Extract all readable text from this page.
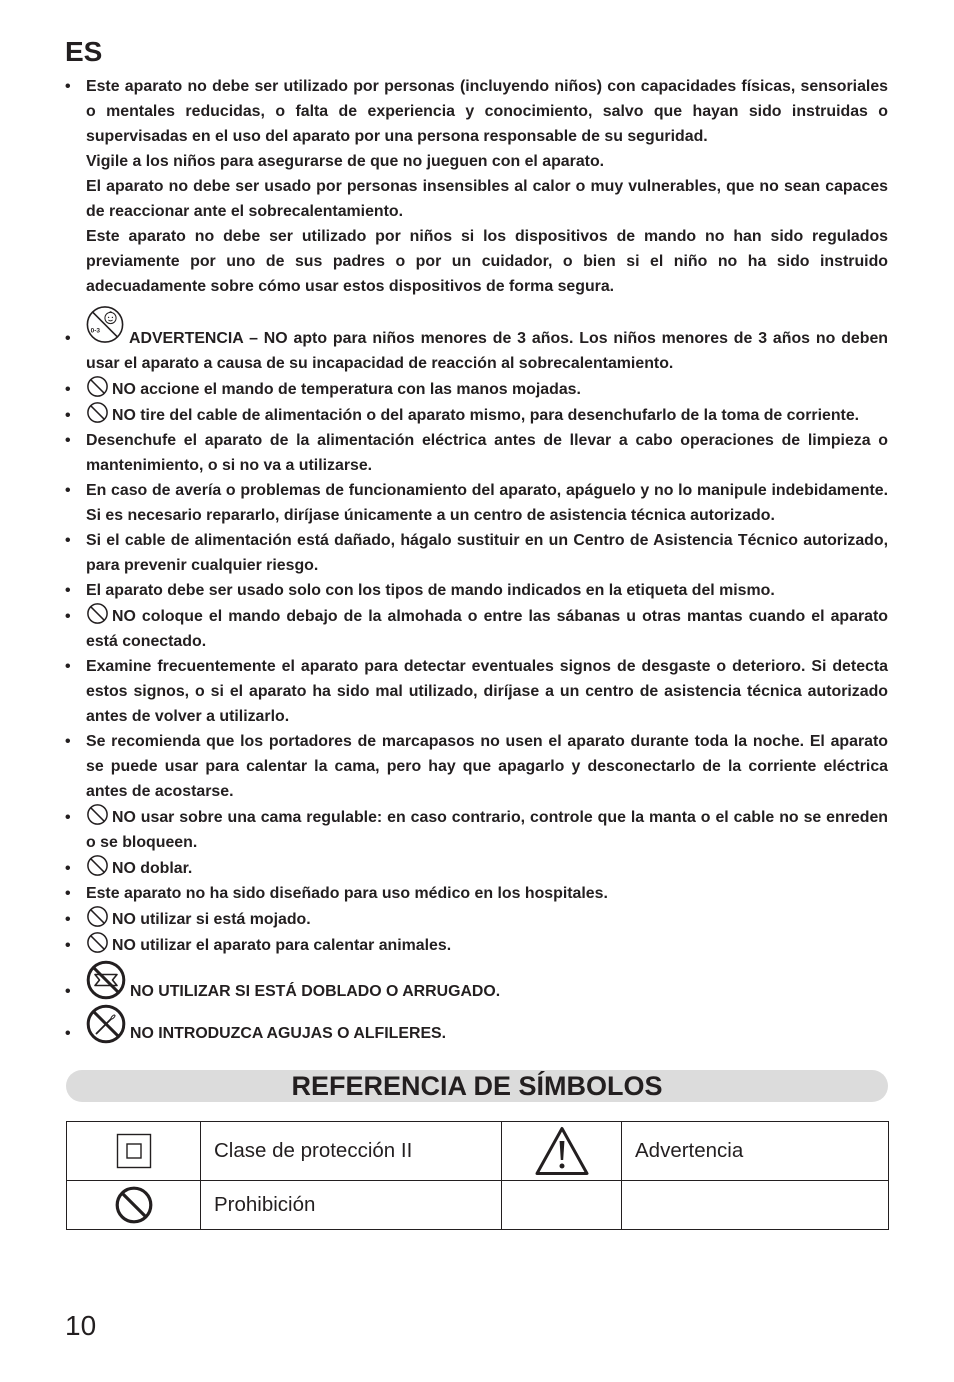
ES

• Este aparato no debe ser utilizado por personas (incluyendo niños) con capacidades físicas, sensoriales o mentales reducidas, o falta de experiencia y conocimiento, salvo que hayan sido instruidas o supervisadas en el uso del aparato por una persona responsable de su seguridad.

Vigile a los niños para asegurarse de que no jueguen con el aparato.

El aparato no debe ser usado por personas insensibles al calor o muy vulnerables, que no sean capaces de reaccionar ante el sobrecalentamiento.

Este aparato no debe ser utilizado por niños si los dispositivos de mando no han sido regulados previamente por uno de sus padres o por un cuidador, o bien si el niño no ha sido instruido adecuadamente sobre cómo usar estos dispositivos de forma segura.

•	0-3 ADVERTENCIA – NO apto para niños menores de 3 años. Los niños menores de 3 años no deben usar el aparato a causa de su incapacidad de reacción al sobrecalentamiento.

•	NO accione el mando de temperatura con las manos mojadas.

•	NO tire del cable de alimentación o del aparato mismo, para desenchufarlo de la toma de corriente.

• Desenchufe el aparato de la alimentación eléctrica antes de llevar a cabo operaciones de limpieza o mantenimiento, o si no va a utilizarse.

• En caso de avería o problemas de funcionamiento del aparato, apáguelo y no lo manipule indebidamente. Si es necesario repararlo, diríjase únicamente a un centro de asistencia técnica autorizado.

• Si el cable de alimentación está dañado, hágalo sustituir en un Centro de Asistencia Técnico autorizado, para prevenir cualquier riesgo.

• El aparato debe ser usado solo con los tipos de mando indicados en la etiqueta del mismo.

•	NO coloque el mando debajo de la almohada o entre las sábanas u otras mantas cuando el aparato está conectado.

• Examine frecuentemente el aparato para detectar eventuales signos de desgaste o deterioro. Si detecta estos signos, o si el aparato ha sido mal utilizado, diríjase a un centro de asistencia técnica autorizado antes de volver a utilizarlo.

• Se recomienda que los portadores de marcapasos no usen el aparato durante toda la noche. El aparato se puede usar para calentar la cama, pero hay que apagarlo y desconectarlo de la corriente eléctrica antes de acostarse.

•	NO usar sobre una cama regulable: en caso contrario, controle que la manta o el cable no se enreden o se bloqueen.

•	NO doblar.

• Este aparato no ha sido diseñado para uso médico en los hospitales.

•	NO utilizar si está mojado.

•	NO utilizar el aparato para calentar animales.

•	NO UTILIZAR SI ESTÁ DOBLADO O ARRUGADO.

•	NO INTRODUZCA AGUJAS O ALFILERES.

REFERENCIA DE SÍMBOLOS
	Clase de protección II		Advertencia

	Prohibición		
10
